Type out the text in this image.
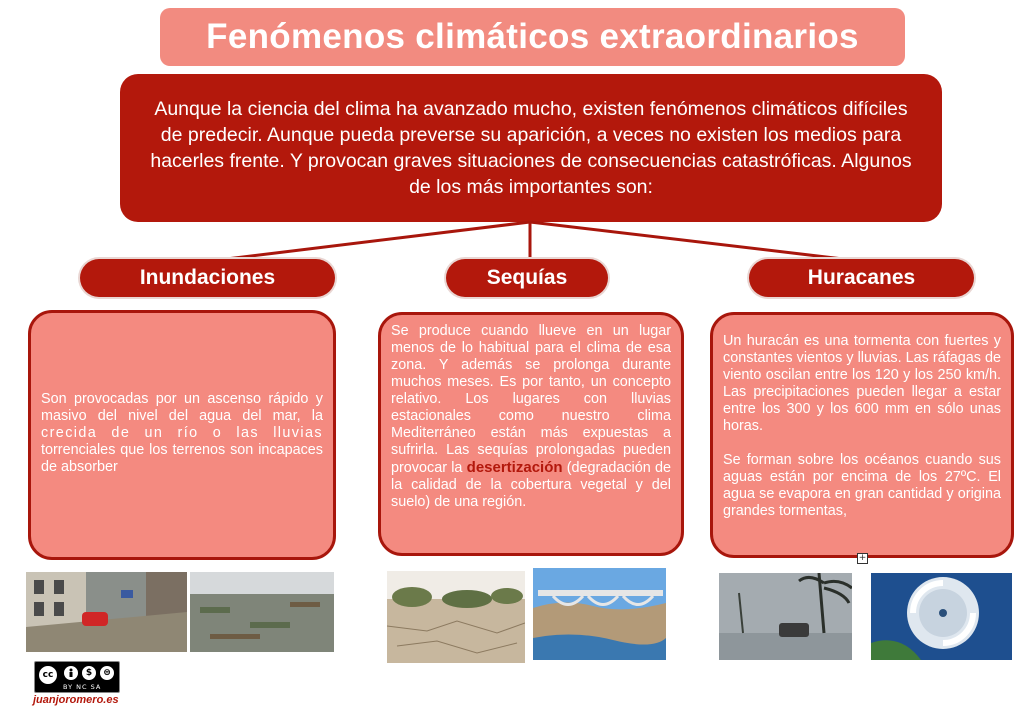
Fenómenos climáticos extraordinarios
Aunque la ciencia del clima ha avanzado mucho, existen fenómenos climáticos difíciles de predecir. Aunque pueda preverse su aparición, a veces no existen los medios para hacerles frente. Y provocan graves situaciones de consecuencias catastróficas. Algunos de los más importantes son:
Inundaciones	Sequías	Huracanes

Son provocadas por un ascenso rápido y masivo del nivel del agua del mar, la crecida de un río o las lluvias torrenciales que los terrenos son incapaces de absorber

Se produce cuando llueve en un lugar menos de lo habitual para el clima de esa zona. Y además se prolonga durante muchos meses. Es por tanto, un concepto relativo. Los lugares con lluvias estacionales como nuestro clima Mediterráneo están más expuestas a sufrirla. Las sequías prolongadas pueden provocar la desertización (degradación de la calidad de la cobertura vegetal y del suelo) de una región.

Un huracán es una tormenta con fuertes y constantes vientos y lluvias. Las ráfagas de viento oscilan entre los 120 y los 250 km/h. Las precipitaciones pueden llegar a estar entre los 300 y los 600 mm en sólo unas horas.

Se forman sobre los océanos cuando sus aguas están por encima de los 27ºC. El agua se evapora en gran cantidad y origina grandes tormentas,

+
cc	$	⊜
BY NC SA
juanjoromero.es
